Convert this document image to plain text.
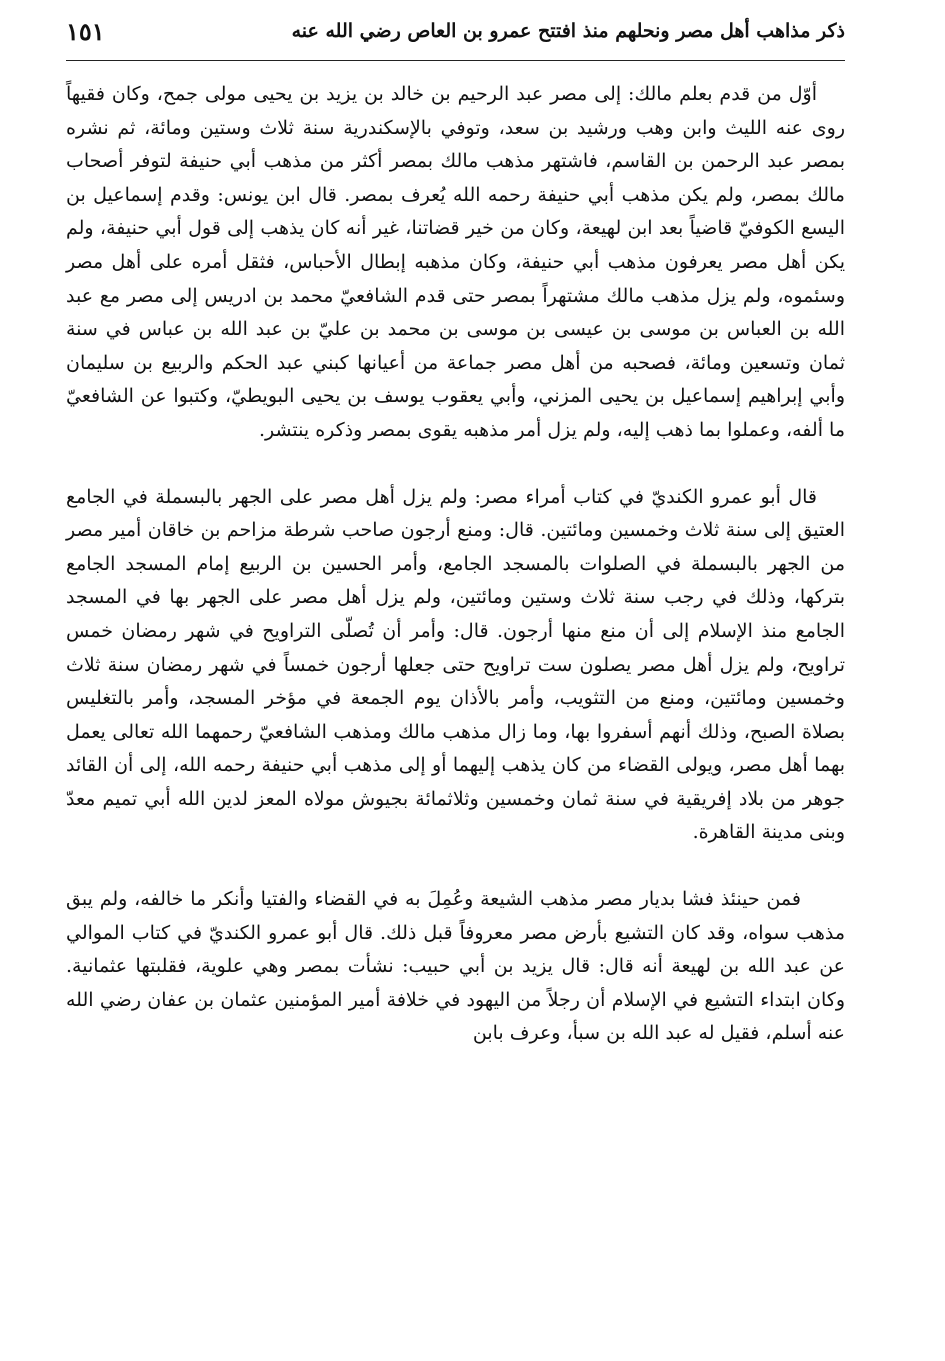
ذكر مذاهب أهل مصر ونحلهم منذ افتتح عمرو بن العاص رضي الله عنه
١٥١

أوّل من قدم بعلم مالك: إلى مصر عبد الرحيم بن خالد بن يزيد بن يحيى مولى جمح، وكان فقيهاً روى عنه الليث وابن وهب ورشيد بن سعد، وتوفي بالإسكندرية سنة ثلاث وستين ومائة، ثم نشره بمصر عبد الرحمن بن القاسم، فاشتهر مذهب مالك بمصر أكثر من مذهب أبي حنيفة لتوفر أصحاب مالك بمصر، ولم يكن مذهب أبي حنيفة رحمه الله يُعرف بمصر. قال ابن يونس: وقدم إسماعيل بن اليسع الكوفيّ قاضياً بعد ابن لهيعة، وكان من خير قضاتنا، غير أنه كان يذهب إلى قول أبي حنيفة، ولم يكن أهل مصر يعرفون مذهب أبي حنيفة، وكان مذهبه إبطال الأحباس، فثقل أمره على أهل مصر وسئموه، ولم يزل مذهب مالك مشتهراً بمصر حتى قدم الشافعيّ محمد بن ادريس إلى مصر مع عبد الله بن العباس بن موسى بن عيسى بن موسى بن محمد بن عليّ بن عبد الله بن عباس في سنة ثمان وتسعين ومائة، فصحبه من أهل مصر جماعة من أعيانها كبني عبد الحكم والربيع بن سليمان وأبي إبراهيم إسماعيل بن يحيى المزني، وأبي يعقوب يوسف بن يحيى البويطيّ، وكتبوا عن الشافعيّ ما ألفه، وعملوا بما ذهب إليه، ولم يزل أمر مذهبه يقوى بمصر وذكره ينتشر.

قال أبو عمرو الكنديّ في كتاب أمراء مصر: ولم يزل أهل مصر على الجهر بالبسملة في الجامع العتيق إلى سنة ثلاث وخمسين ومائتين. قال: ومنع أرجون صاحب شرطة مزاحم بن خاقان أمير مصر من الجهر بالبسملة في الصلوات بالمسجد الجامع، وأمر الحسين بن الربيع إمام المسجد الجامع بتركها، وذلك في رجب سنة ثلاث وستين ومائتين، ولم يزل أهل مصر على الجهر بها في المسجد الجامع منذ الإسلام إلى أن منع منها أرجون. قال: وأمر أن تُصلّى التراويح في شهر رمضان خمس تراويح، ولم يزل أهل مصر يصلون ست تراويح حتى جعلها أرجون خمساً في شهر رمضان سنة ثلاث وخمسين ومائتين، ومنع من التثويب، وأمر بالأذان يوم الجمعة في مؤخر المسجد، وأمر بالتغليس بصلاة الصبح، وذلك أنهم أسفروا بها، وما زال مذهب مالك ومذهب الشافعيّ رحمهما الله تعالى يعمل بهما أهل مصر، ويولى القضاء من كان يذهب إليهما أو إلى مذهب أبي حنيفة رحمه الله، إلى أن القائد جوهر من بلاد إفريقية في سنة ثمان وخمسين وثلاثمائة بجيوش مولاه المعز لدين الله أبي تميم معدّ وبنى مدينة القاهرة.

فمن حينئذ فشا بديار مصر مذهب الشيعة وعُمِلَ به في القضاء والفتيا وأنكر ما خالفه، ولم يبق مذهب سواه، وقد كان التشيع بأرض مصر معروفاً قبل ذلك. قال أبو عمرو الكنديّ في كتاب الموالي عن عبد الله بن لهيعة أنه قال: قال يزيد بن أبي حبيب: نشأت بمصر وهي علوية، فقلبتها عثمانية. وكان ابتداء التشيع في الإسلام أن رجلاً من اليهود في خلافة أمير المؤمنين عثمان بن عفان رضي الله عنه أسلم، فقيل له عبد الله بن سبأ، وعرف بابن
